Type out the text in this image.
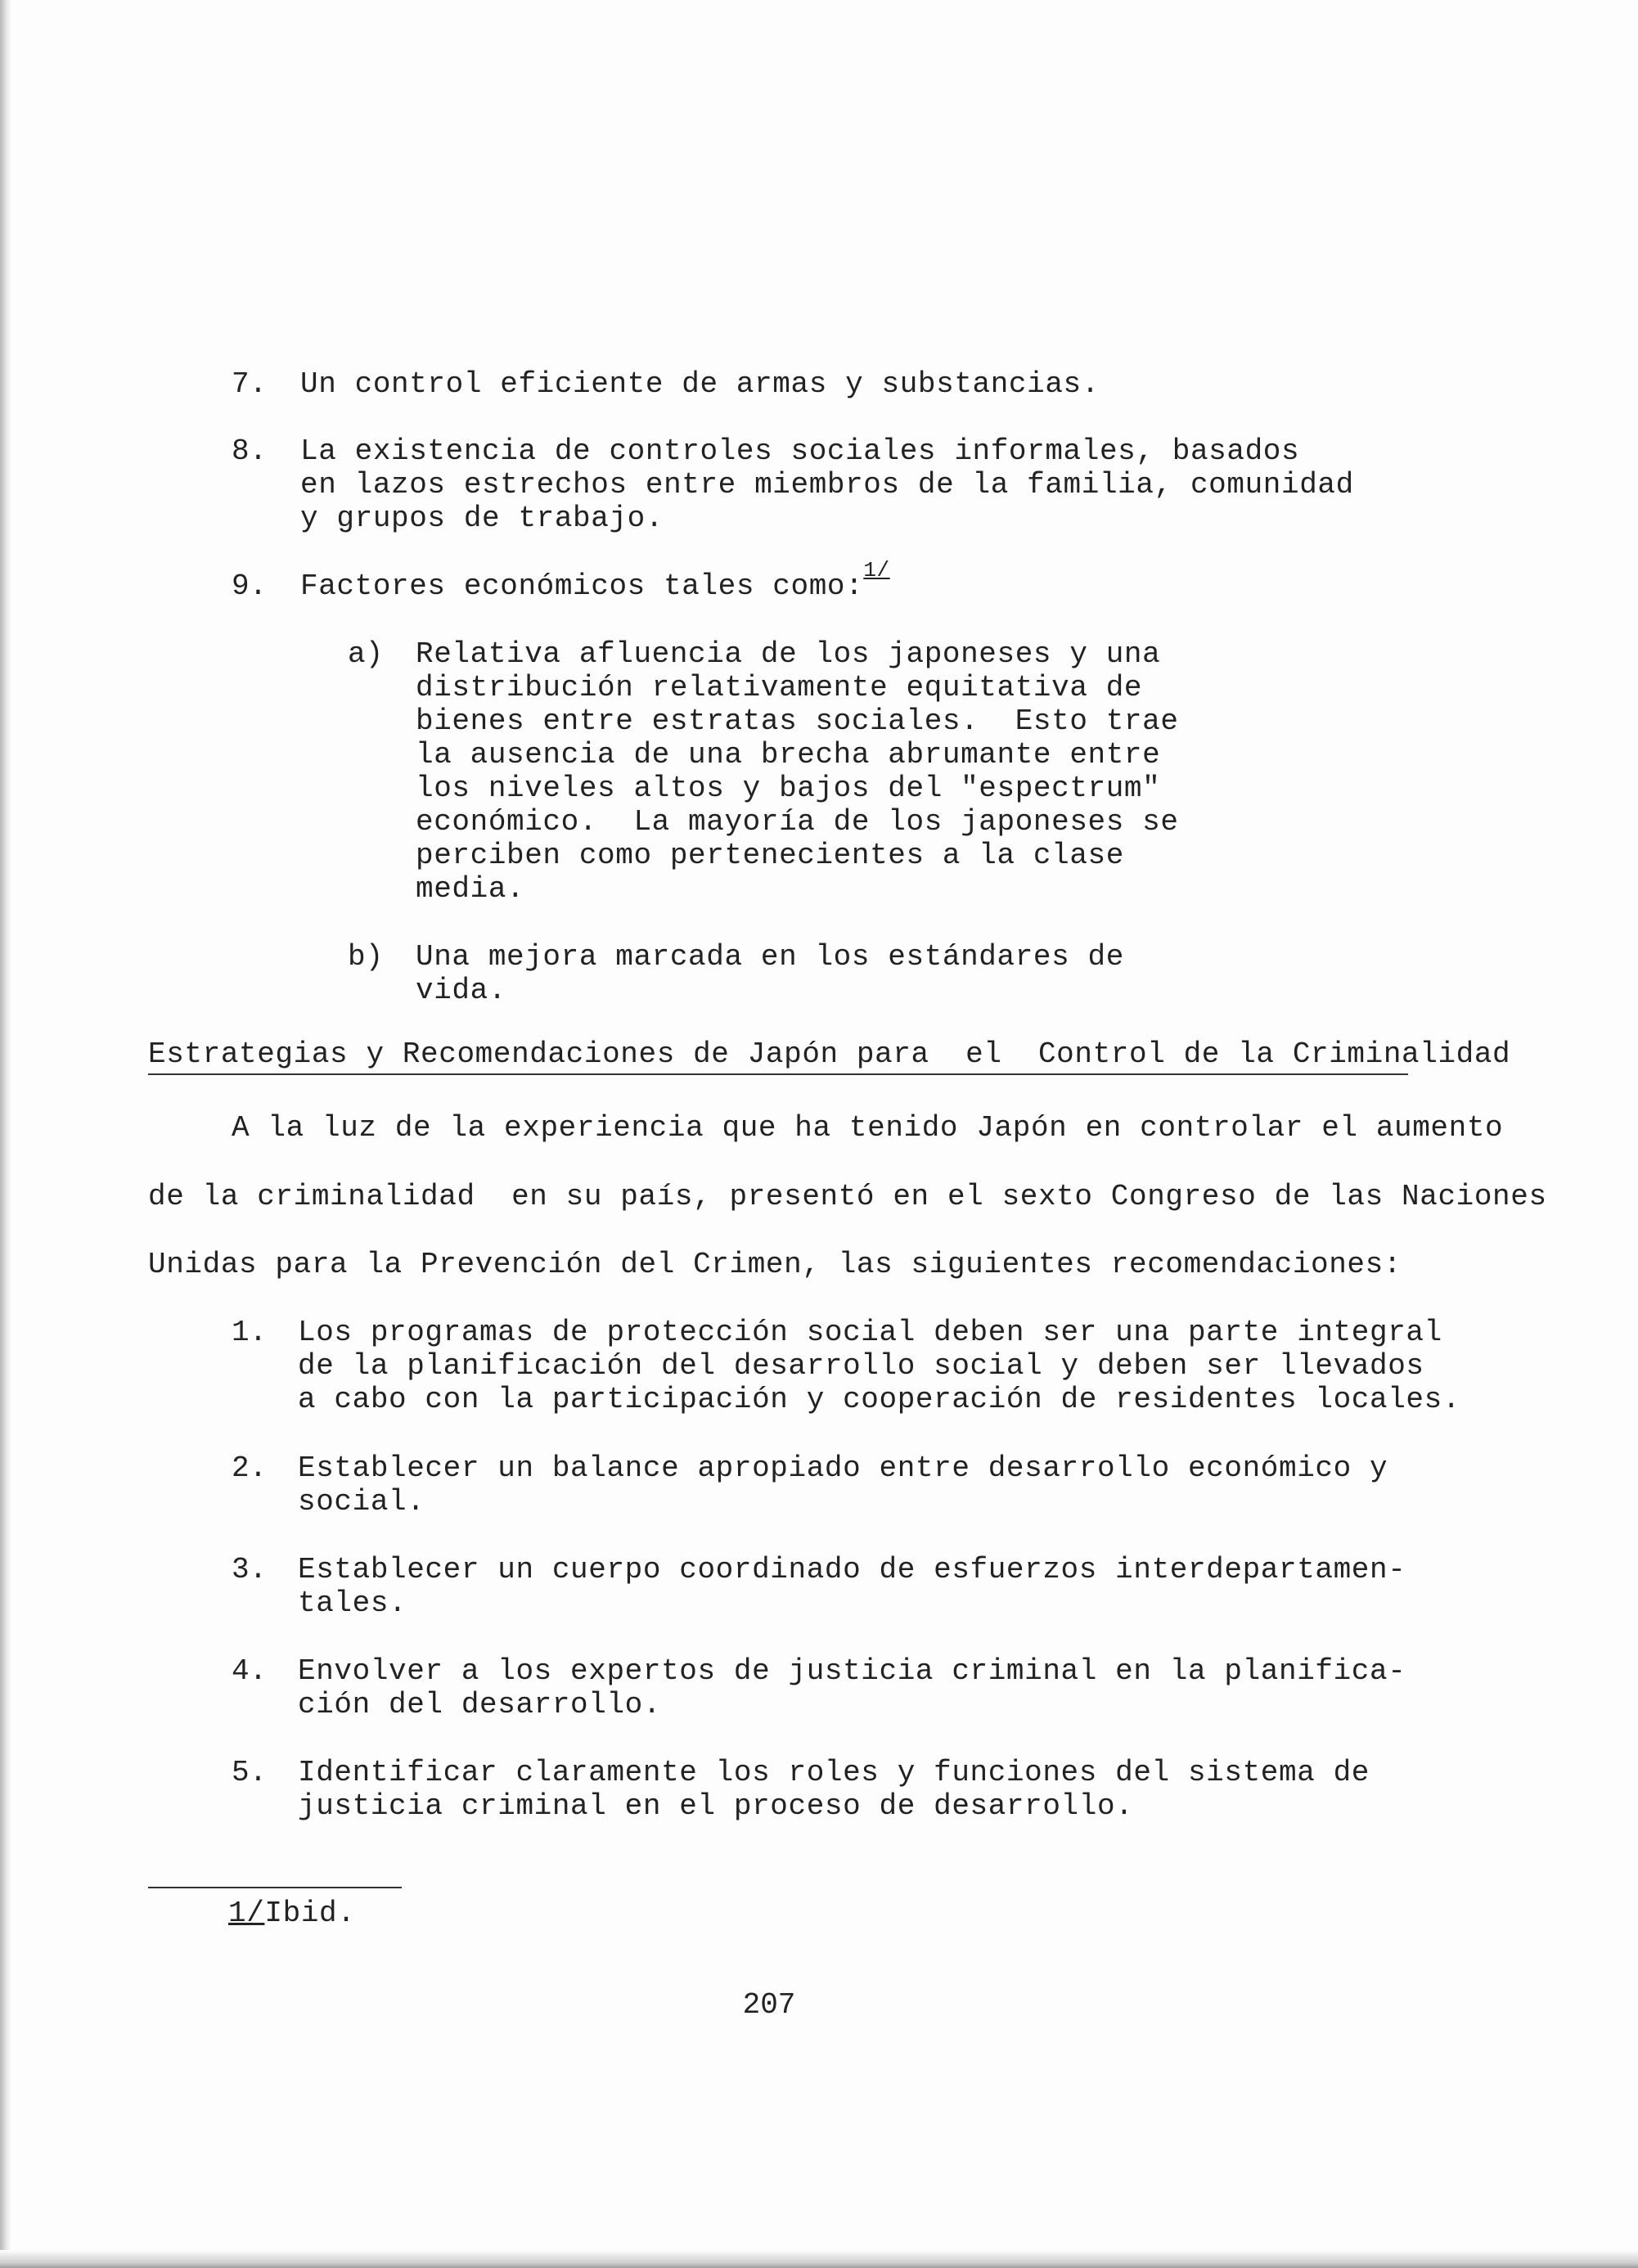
7. Un control eficiente de armas y substancias.
8. La existencia de controles sociales informales, basados
en lazos estrechos entre miembros de la familia, comunidad
y grupos de trabajo.
9. Factores económicos tales como:$^{1/}$
a) Relativa afluencia de los japoneses y una
distribución relativamente equitativa de
bienes entre estratas sociales.  Esto trae
la ausencia de una brecha abrumante entre
los niveles altos y bajos del "espectrum"
económico.  La mayoría de los japoneses se
perciben como pertenecientes a la clase
media.
b) Una mejora marcada en los estándares de
vida.
Estrategias y Recomendaciones de Japón para  el  Control de la Criminalidad
A la luz de la experiencia que ha tenido Japón en controlar el aumento
de la criminalidad  en su país, presentó en el sexto Congreso de las Naciones
Unidas para la Prevención del Crimen, las siguientes recomendaciones:
1. Los programas de protección social deben ser una parte integral
de la planificación del desarrollo social y deben ser llevados
a cabo con la participación y cooperación de residentes locales.
2. Establecer un balance apropiado entre desarrollo económico y
social.
3. Establecer un cuerpo coordinado de esfuerzos interdepartamen-
tales.
4. Envolver a los expertos de justicia criminal en la planifica-
ción del desarrollo.
5. Identificar claramente los roles y funciones del sistema de
justicia criminal en el proceso de desarrollo.
1/Ibid.
207
